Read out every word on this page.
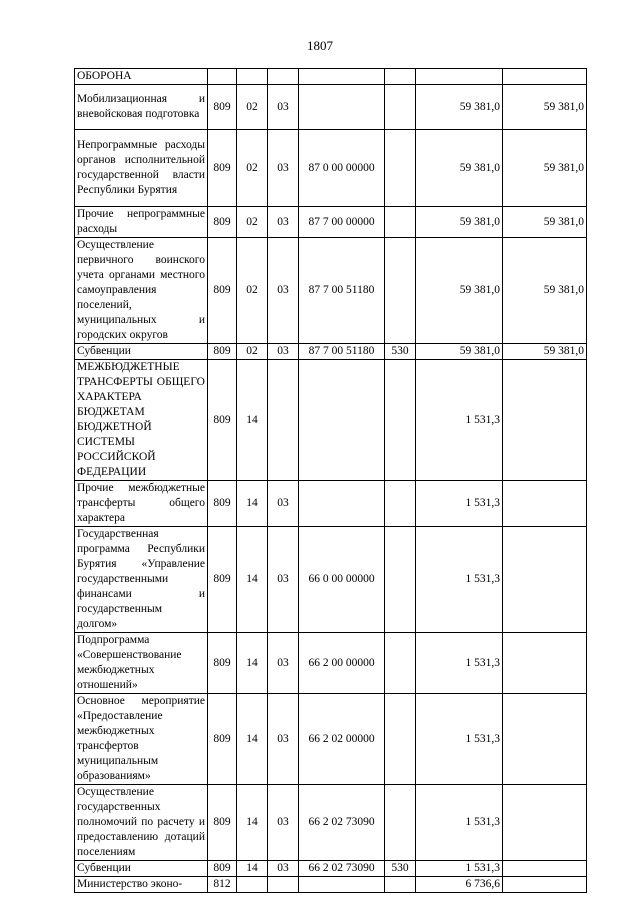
1807
ОБОРОНА							
Мобилизационная и вневойсковая подготовка	809	02	03			59 381,0	59 381,0
Непрограммные расходы органов исполнительной государственной власти Республики Бурятия	809	02	03	87 0 00 00000		59 381,0	59 381,0
Прочие непрограммные расходы	809	02	03	87 7 00 00000		59 381,0	59 381,0
Осуществление первичного воинского учета органами местного самоуправления поселений, муниципальных и городских округов	809	02	03	87 7 00 51180		59 381,0	59 381,0
Субвенции	809	02	03	87 7 00 51180	530	59 381,0	59 381,0
МЕЖБЮДЖЕТНЫЕ ТРАНСФЕРТЫ ОБЩЕГО ХАРАКТЕРА БЮДЖЕТАМ БЮДЖЕТНОЙ СИСТЕМЫ РОССИЙСКОЙ ФЕДЕРАЦИИ	809	14				1 531,3	
Прочие межбюджетные трансферты общего характера	809	14	03			1 531,3	
Государственная программа Республики Бурятия «Управление государственными финансами и государственным долгом»	809	14	03	66 0 00 00000		1 531,3	
Подпрограмма «Совершенствование межбюджетных отношений»	809	14	03	66 2 00 00000		1 531,3	
Основное мероприятие «Предоставление межбюджетных трансфертов муниципальным образованиям»	809	14	03	66 2 02 00000		1 531,3	
Осуществление государственных полномочий по расчету и предоставлению дотаций поселениям	809	14	03	66 2 02 73090		1 531,3	
Субвенции	809	14	03	66 2 02 73090	530	1 531,3	
Министерство эконо-	812					6 736,6	
